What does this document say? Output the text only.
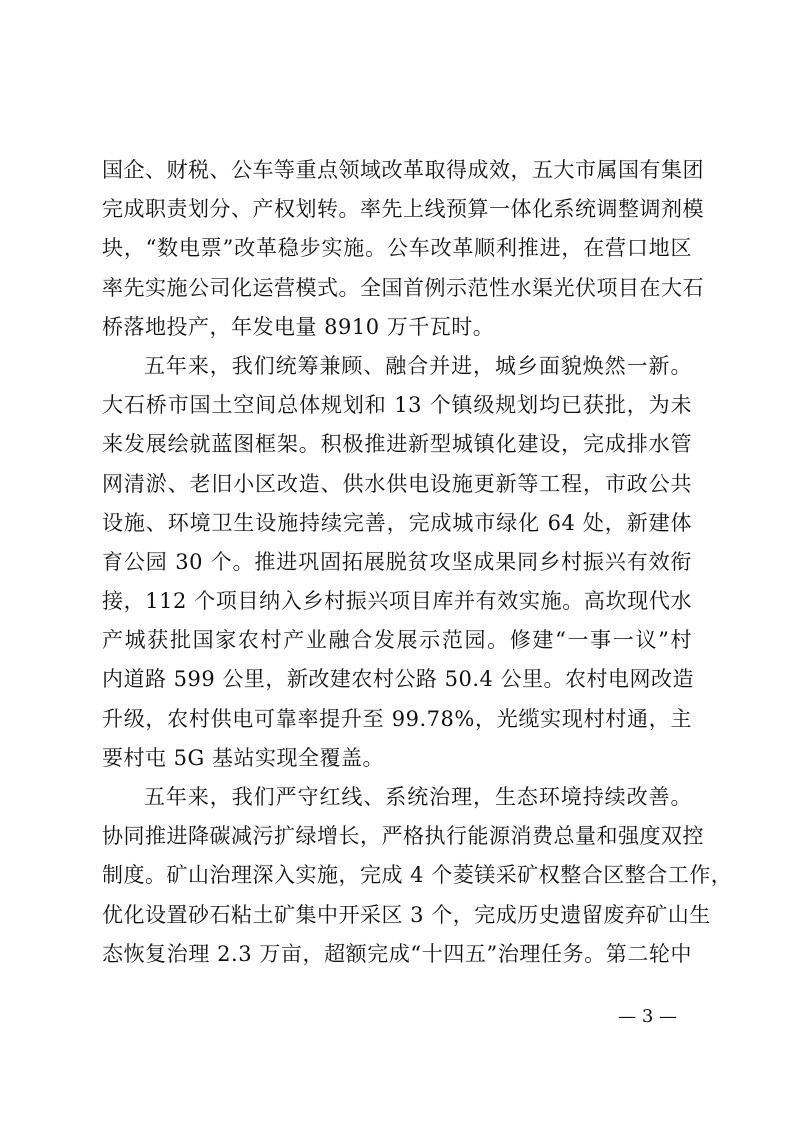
国企、财税、公车等重点领域改革取得成效，五大市属国有集团
完成职责划分、产权划转。率先上线预算一体化系统调整调剂模
块，“数电票”改革稳步实施。公车改革顺利推进，在营口地区
率先实施公司化运营模式。全国首例示范性水渠光伏项目在大石
桥落地投产，年发电量 8910 万千瓦时。
五年来，我们统筹兼顾、融合并进，城乡面貌焕然一新。
大石桥市国土空间总体规划和 13 个镇级规划均已获批，为未
来发展绘就蓝图框架。积极推进新型城镇化建设，完成排水管
网清淤、老旧小区改造、供水供电设施更新等工程，市政公共
设施、环境卫生设施持续完善，完成城市绿化 64 处，新建体
育公园 30 个。推进巩固拓展脱贫攻坚成果同乡村振兴有效衔
接，112 个项目纳入乡村振兴项目库并有效实施。高坎现代水
产城获批国家农村产业融合发展示范园。修建“一事一议”村
内道路 599 公里，新改建农村公路 50.4 公里。农村电网改造
升级，农村供电可靠率提升至 99.78%，光缆实现村村通，主
要村屯 5G 基站实现全覆盖。
五年来，我们严守红线、系统治理，生态环境持续改善。
协同推进降碳减污扩绿增长，严格执行能源消费总量和强度双控
制度。矿山治理深入实施，完成 4 个菱镁采矿权整合区整合工作，
优化设置砂石粘土矿集中开采区 3 个，完成历史遗留废弃矿山生
态恢复治理 2.3 万亩，超额完成“十四五”治理任务。第二轮中
— 3 —
